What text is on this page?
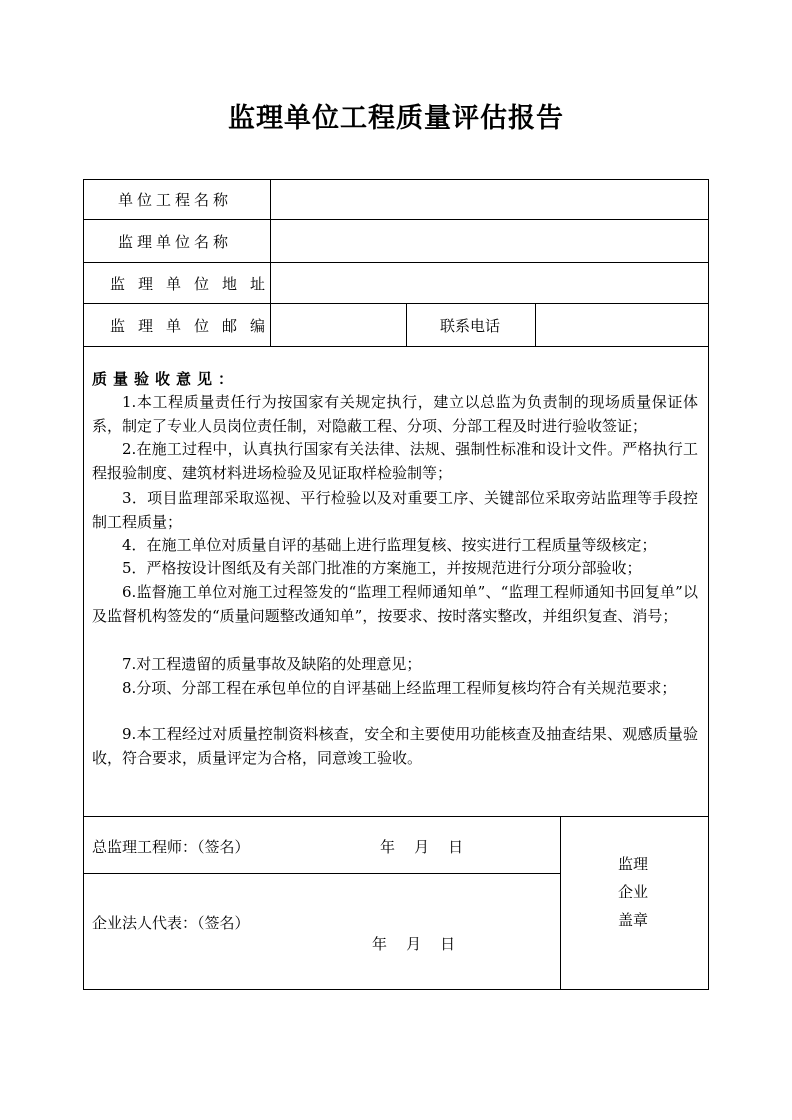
监理单位工程质量评估报告
单位工程名称
监理单位名称
监理单位地址
监理单位邮编	联系电话
质量验收意见：

1.本工程质量责任行为按国家有关规定执行，建立以总监为负责制的现场质量保证体系，制定了专业人员岗位责任制，对隐蔽工程、分项、分部工程及时进行验收签证；

2.在施工过程中，认真执行国家有关法律、法规、强制性标准和设计文件。严格执行工程报验制度、建筑材料进场检验及见证取样检验制等；

3．项目监理部采取巡视、平行检验以及对重要工序、关键部位采取旁站监理等手段控制工程质量；

4．在施工单位对质量自评的基础上进行监理复核、按实进行工程质量等级核定；

5．严格按设计图纸及有关部门批准的方案施工，并按规范进行分项分部验收；

6.监督施工单位对施工过程签发的“监理工程师通知单”、“监理工程师通知书回复单”以及监督机构签发的“质量问题整改通知单”，按要求、按时落实整改，并组织复查、消号；

7.对工程遗留的质量事故及缺陷的处理意见；

8.分项、分部工程在承包单位的自评基础上经监理工程师复核均符合有关规范要求；

9.本工程经过对质量控制资料核查，安全和主要使用功能核查及抽查结果、观感质量验收，符合要求，质量评定为合格，同意竣工验收。

总监理工程师：（签名）	年    月    日
企业法人代表：（签名）
年    月    日
监理
企业
盖章
